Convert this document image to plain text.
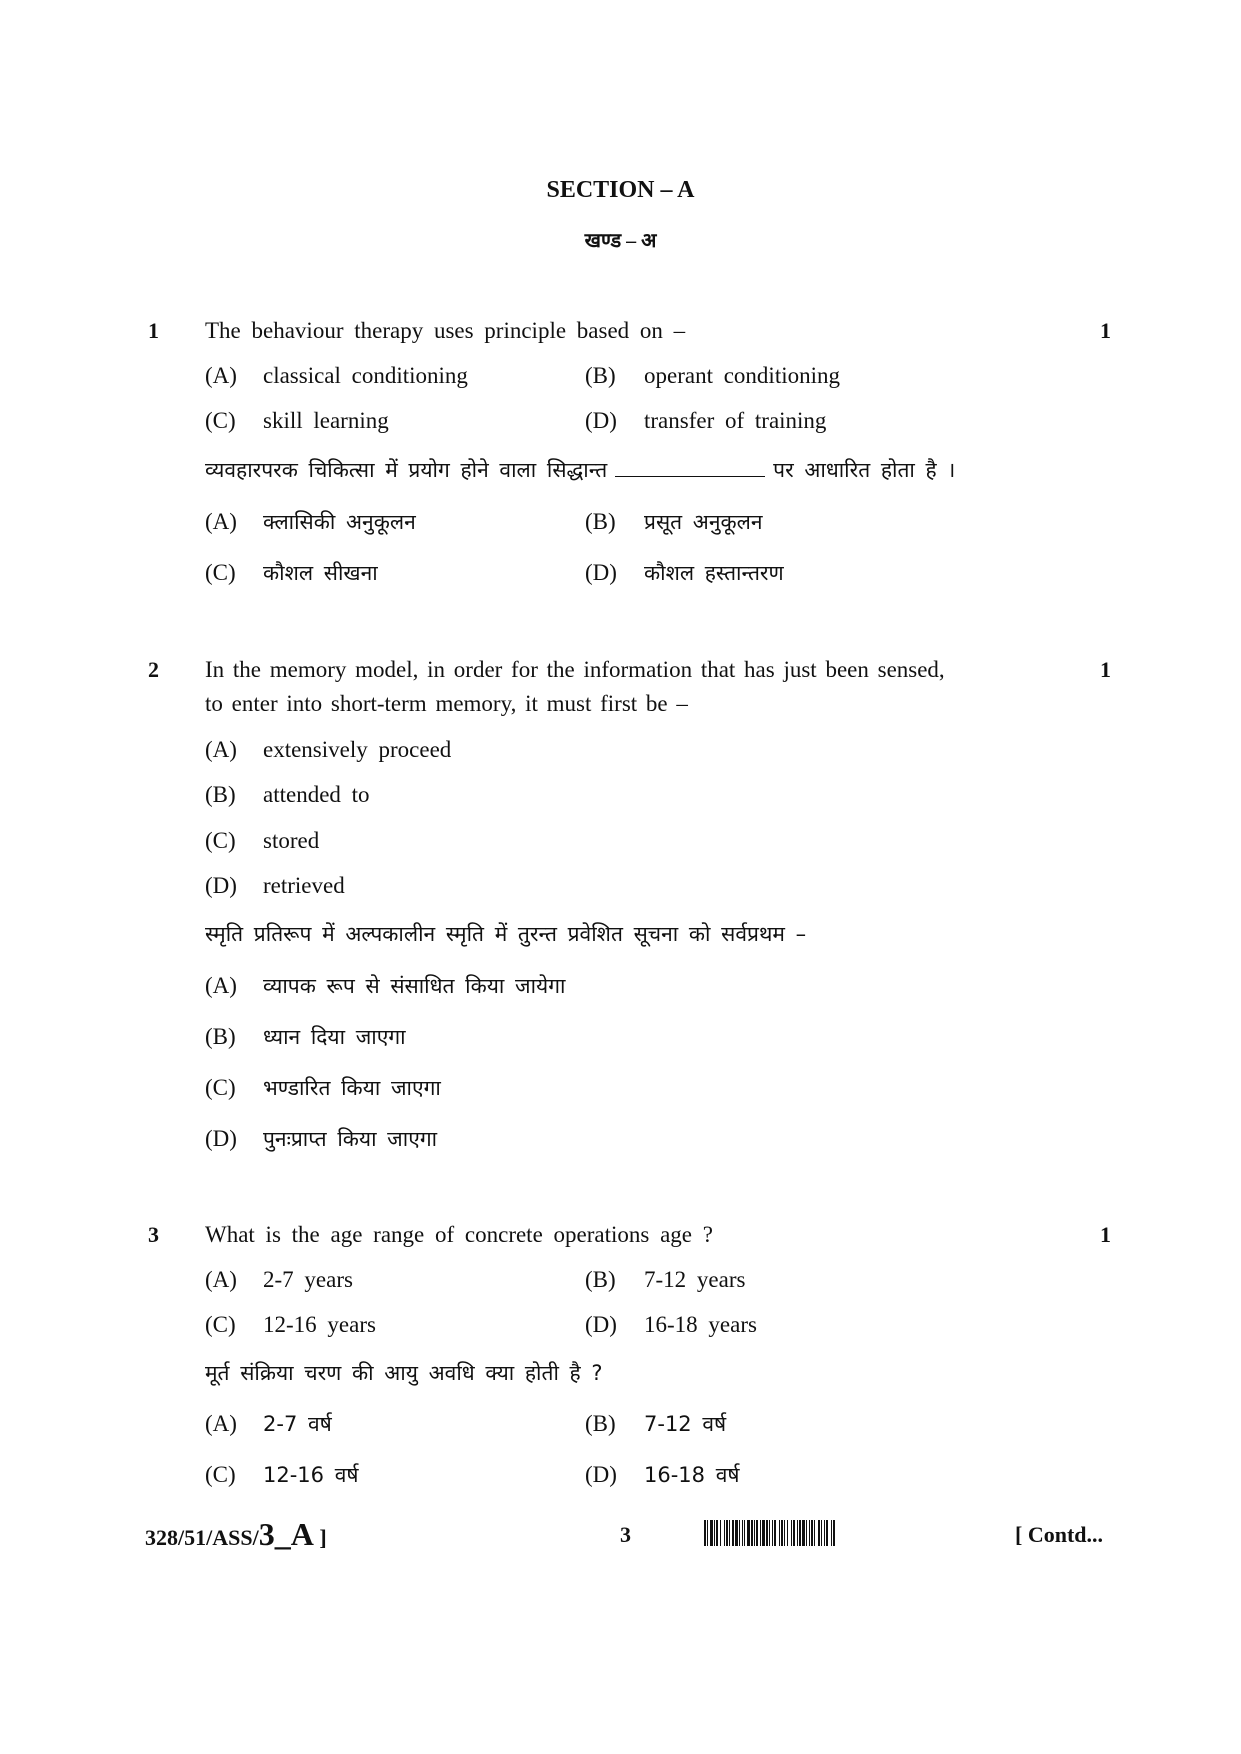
SECTION – A
खण्ड – अ
1	1
The behaviour therapy uses principle based on –
(A) classical conditioning	(B) operant conditioning
(C) skill learning	(D) transfer of training
व्यवहारपरक चिकित्सा में प्रयोग होने वाला सिद्धान्त	पर आधारित होता है ।
(A) क्लासिकी अनुकूलन	(B) प्रसूत अनुकूलन
(C) कौशल सीखना	(D) कौशल हस्तान्तरण
2	1
In the memory model, in order for the information that has just been sensed,
to enter into short-term memory, it must first be –
(A) extensively proceed
(B) attended to
(C) stored
(D) retrieved
स्मृति प्रतिरूप में अल्पकालीन स्मृति में तुरन्त प्रवेशित सूचना को सर्वप्रथम –
(A) व्यापक रूप से संसाधित किया जायेगा
(B) ध्यान दिया जाएगा
(C) भण्डारित किया जाएगा
(D) पुनःप्राप्त किया जाएगा
3	1
What is the age range of concrete operations age ?
(A) 2-7 years	(B) 7-12 years
(C) 12-16 years	(D) 16-18 years
मूर्त संक्रिया चरण की आयु अवधि क्या होती है ?
(A) 2-7 वर्ष	(B) 7-12 वर्ष
(C) 12-16 वर्ष	(D) 16-18 वर्ष
328/51/ASS/3_A ]	3	[ Contd...
